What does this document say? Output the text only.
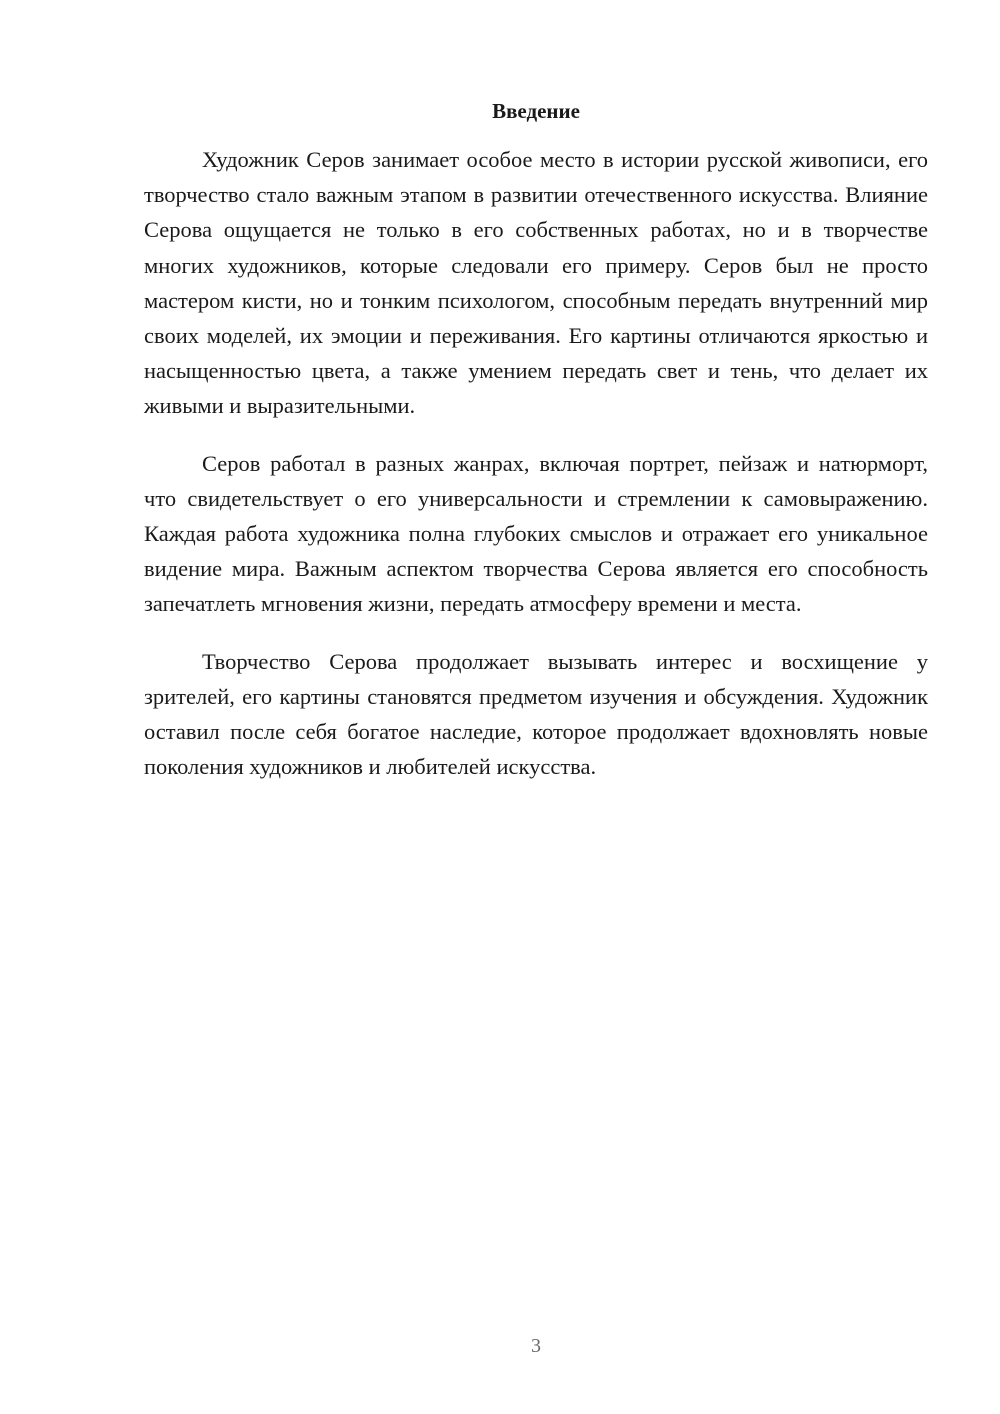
Введение

Художник Серов занимает особое место в истории русской живописи, его творчество стало важным этапом в развитии отечественного искусства. Влияние Серова ощущается не только в его собственных работах, но и в творчестве многих художников, которые следовали его примеру. Серов был не просто мастером кисти, но и тонким психологом, способным передать внутренний мир своих моделей, их эмоции и переживания. Его картины отличаются яркостью и насыщенностью цвета, а также умением передать свет и тень, что делает их живыми и выразительными.

Серов работал в разных жанрах, включая портрет, пейзаж и натюрморт, что свидетельствует о его универсальности и стремлении к самовыражению. Каждая работа художника полна глубоких смыслов и отражает его уникальное видение мира. Важным аспектом творчества Серова является его способность запечатлеть мгновения жизни, передать атмосферу времени и места.

Творчество Серова продолжает вызывать интерес и восхищение у зрителей, его картины становятся предметом изучения и обсуждения. Художник оставил после себя богатое наследие, которое продолжает вдохновлять новые поколения художников и любителей искусства.

3
